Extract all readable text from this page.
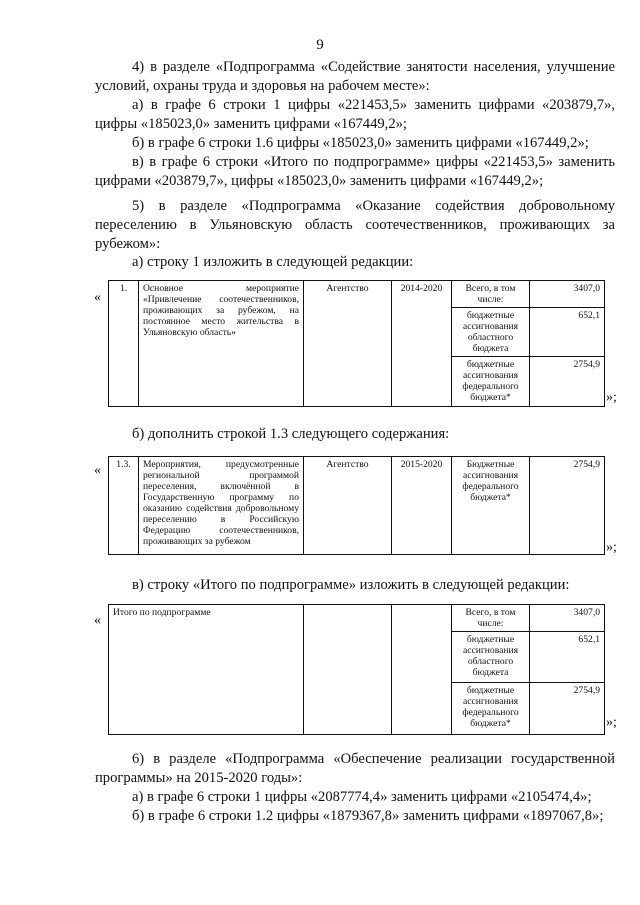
9
4) в разделе «Подпрограмма «Содействие занятости населения, улучшение условий, охраны труда и здоровья на рабочем месте»:
а) в графе 6 строки 1 цифры «221453,5» заменить цифрами «203879,7», цифры «185023,0» заменить цифрами «167449,2»;
б) в графе 6 строки 1.6 цифры «185023,0» заменить цифрами «167449,2»;
в) в графе 6 строки «Итого по подпрограмме» цифры «221453,5» заменить цифрами «203879,7», цифры «185023,0» заменить цифрами «167449,2»;
5) в разделе «Подпрограмма «Оказание содействия добровольному переселению в Ульяновскую область соотечественников, проживающих за рубежом»:
а) строку 1 изложить в следующей редакции:
«
1.	Основное мероприятие «Привлечение соотечественников, проживающих за рубежом, на постоянное место жительства в Ульяновскую область»	Агентство	2014-2020	Всего, в том числе:	3407,0
				бюджетные ассигнования областного бюджета	652,1
				бюджетные ассигнования федерального бюджета*	2754,9
»;
б) дополнить строкой 1.3 следующего содержания:
« 1.3.	Мероприятия, предусмотренные региональной программой переселения, включённой в Государственную программу по оказанию содействия добровольному переселению в Российскую Федерацию соотечественников, проживающих за рубежом	Агентство	2015-2020	Бюджетные ассигнования федерального бюджета*	2754,9
»;
в) строку «Итого по подпрограмме» изложить в следующей редакции:
«
Итого по подпрограмме			Всего, в том числе:	3407,0
			бюджетные ассигнования областного бюджета	652,1
			бюджетные ассигнования федерального бюджета*	2754,9
»;
6) в разделе «Подпрограмма «Обеспечение реализации государственной программы» на 2015-2020 годы»:
а) в графе 6 строки 1 цифры «2087774,4» заменить цифрами «2105474,4»;
б) в графе 6 строки 1.2 цифры «1879367,8» заменить цифрами «1897067,8»;
